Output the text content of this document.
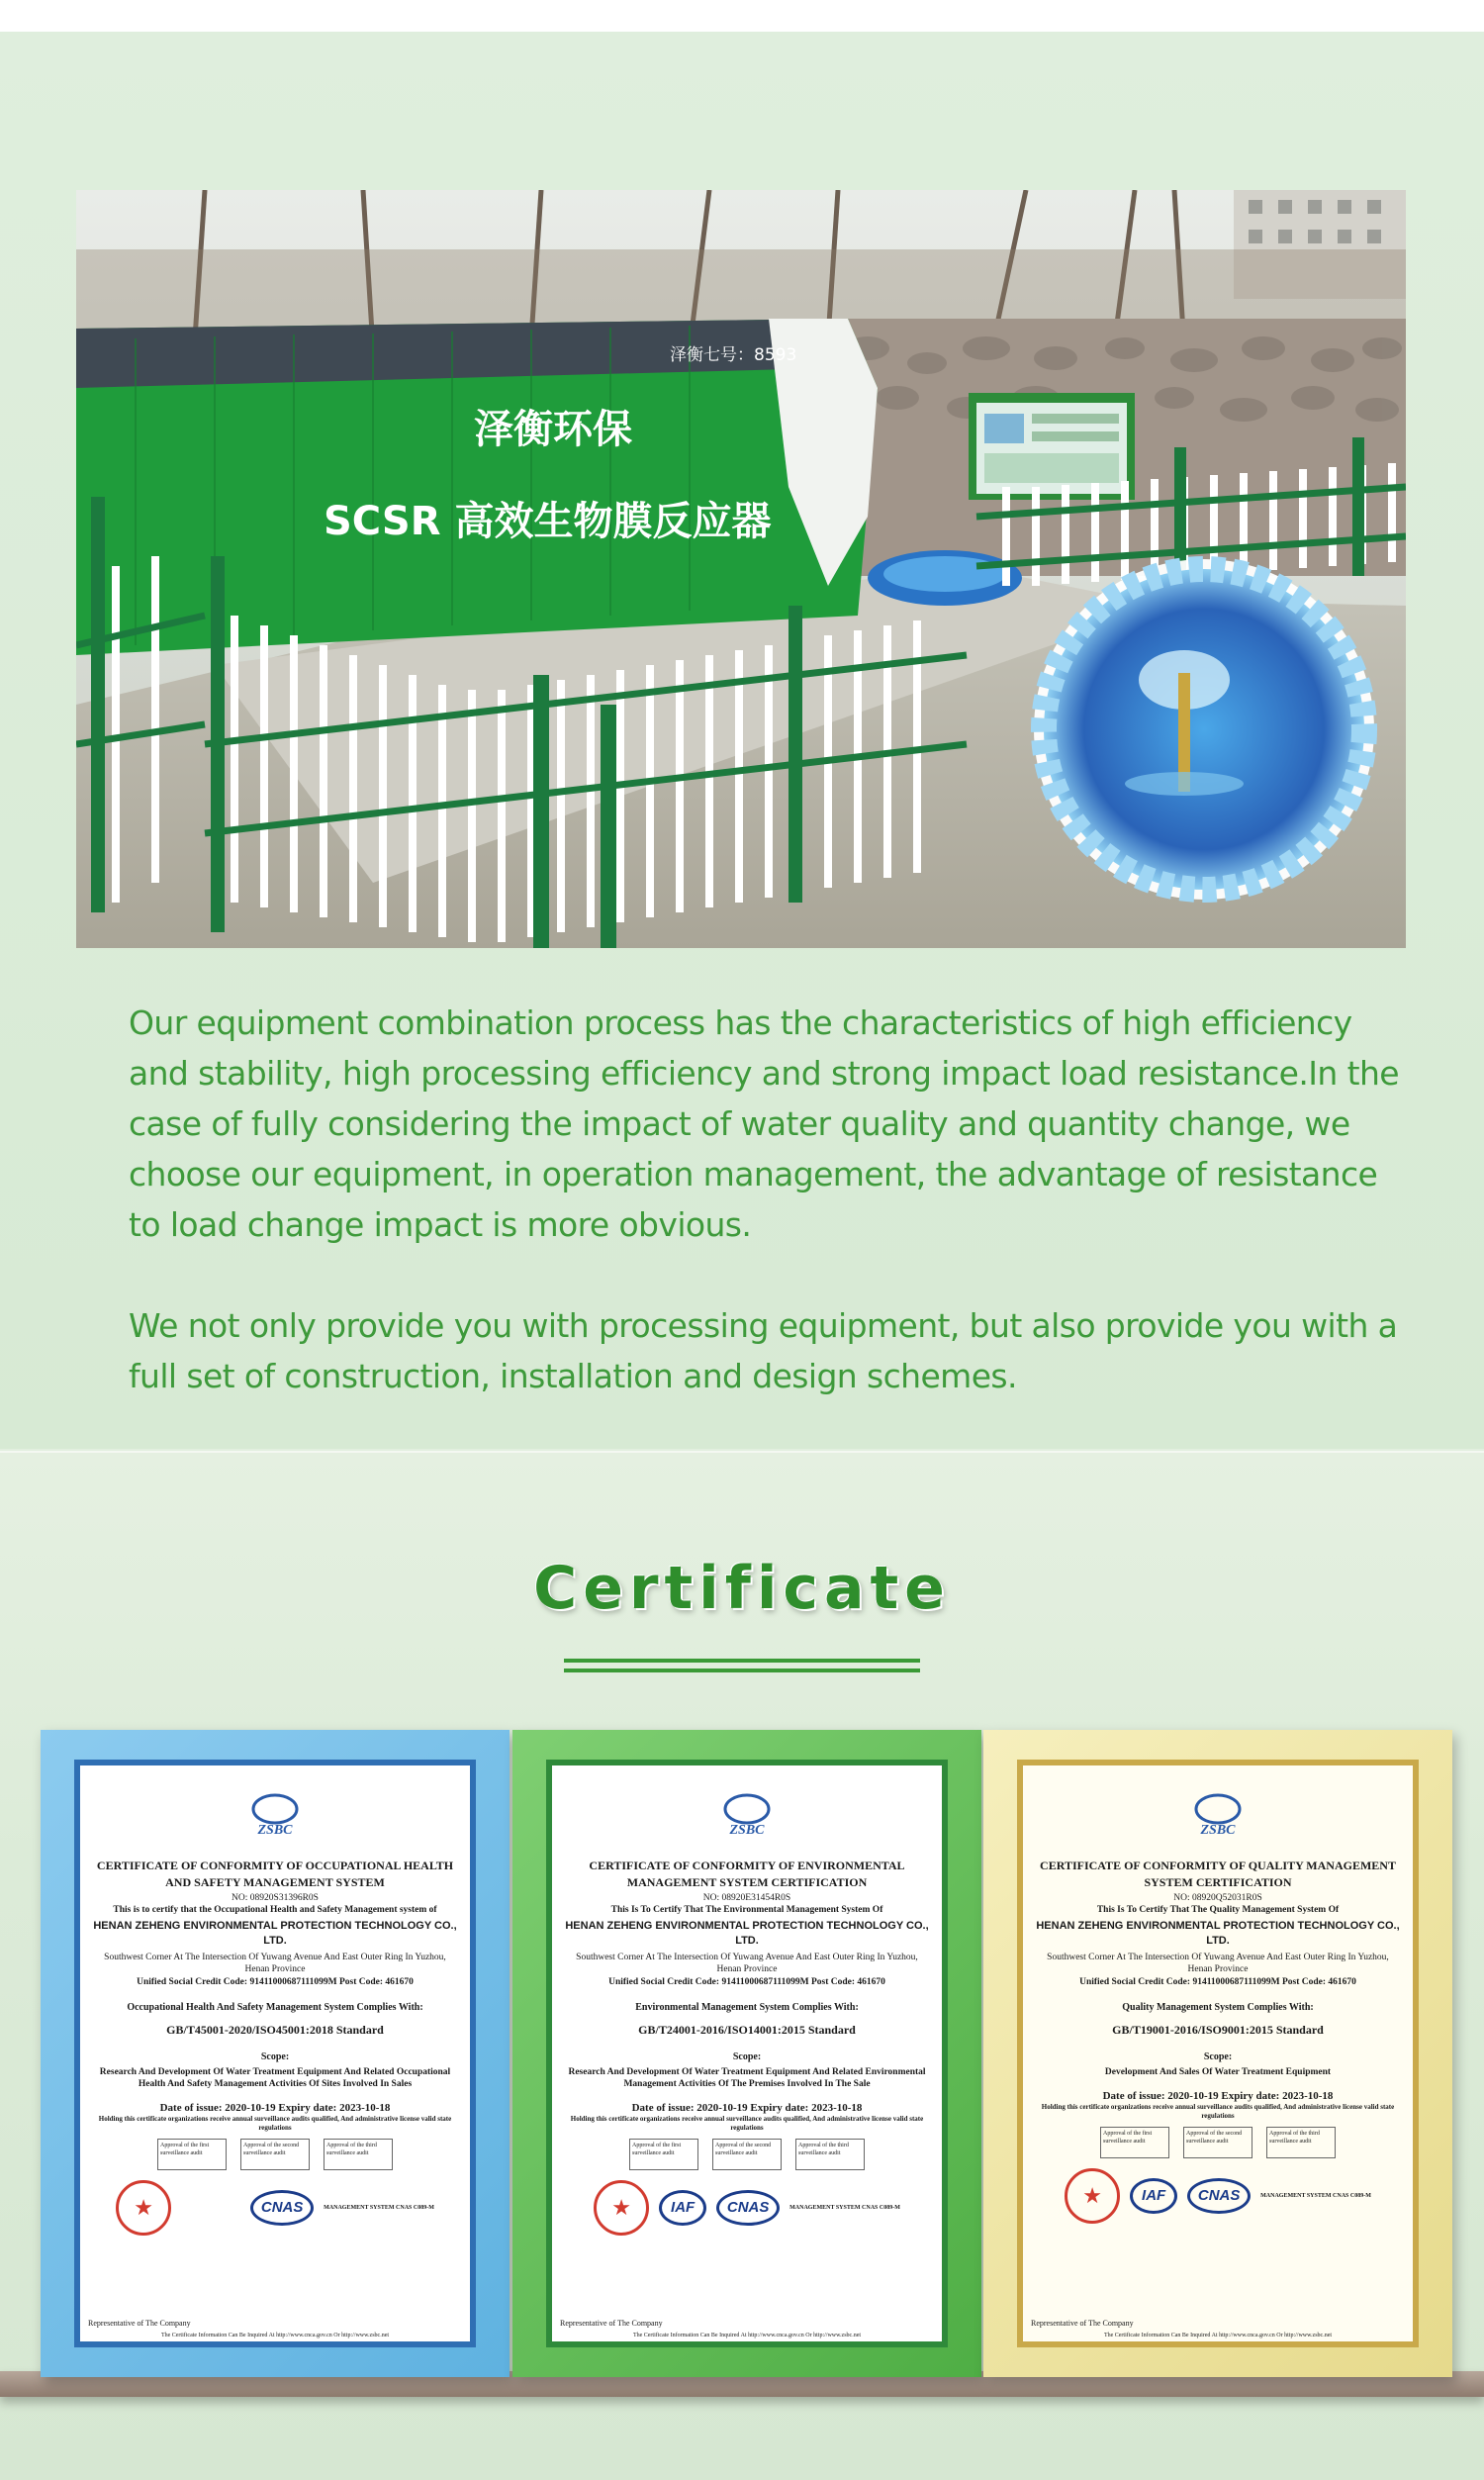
泽衡环保
SCSR 高效生物膜反应器
泽衡七号：8593

Our equipment combination process has the characteristics of high efficiency and stability, high processing efficiency and strong impact load resistance.In the case of fully considering the impact of water quality and quantity change, we choose our equipment, in operation management, the advantage of resistance to load change impact is more obvious.

We not only provide you with processing equipment, but also provide you with a full set of construction, installation and design schemes.

Certificate
ZSBC
CERTIFICATE OF CONFORMITY OF OCCUPATIONAL HEALTH AND SAFETY MANAGEMENT SYSTEM
NO: 08920S31396R0S
This is to certify that the Occupational Health and Safety Management system of
HENAN ZEHENG ENVIRONMENTAL PROTECTION TECHNOLOGY CO., LTD.
Southwest Corner At The Intersection Of Yuwang Avenue And East Outer Ring In Yuzhou, Henan Province
Unified Social Credit Code: 91411000687111099M Post Code: 461670
Occupational Health And Safety Management System Complies With:
GB/T45001-2020/ISO45001:2018 Standard
Scope:
Research And Development Of Water Treatment Equipment And Related Occupational Health And Safety Management Activities Of Sites Involved In Sales
Date of issue: 2020-10-19 Expiry date: 2023-10-18
Holding this certificate organizations receive annual surveillance audits qualified, And administrative license valid state regulations
Approval of the first surveillance audit
Approval of the second surveillance audit
Approval of the third surveillance audit
★	CNAS	MANAGEMENT SYSTEM CNAS C089-M
Representative of The Company
The Certificate Information Can Be Inquired At http://www.cnca.gov.cn Or http://www.zsbc.net
ZSBC
CERTIFICATE OF CONFORMITY OF ENVIRONMENTAL MANAGEMENT SYSTEM CERTIFICATION
NO: 08920E31454R0S
This Is To Certify That The Environmental Management System Of
HENAN ZEHENG ENVIRONMENTAL PROTECTION TECHNOLOGY CO., LTD.
Southwest Corner At The Intersection Of Yuwang Avenue And East Outer Ring In Yuzhou, Henan Province
Unified Social Credit Code: 91411000687111099M Post Code: 461670
Environmental Management System Complies With:
GB/T24001-2016/ISO14001:2015 Standard
Scope:
Research And Development Of Water Treatment Equipment And Related Environmental Management Activities Of The Premises Involved In The Sale
Date of issue: 2020-10-19 Expiry date: 2023-10-18
Holding this certificate organizations receive annual surveillance audits qualified, And administrative license valid state regulations
Approval of the first surveillance audit
Approval of the second surveillance audit
Approval of the third surveillance audit
★	IAF	CNAS	MANAGEMENT SYSTEM CNAS C089-M
Representative of The Company
The Certificate Information Can Be Inquired At http://www.cnca.gov.cn Or http://www.zsbc.net
ZSBC
CERTIFICATE OF CONFORMITY OF QUALITY MANAGEMENT SYSTEM CERTIFICATION
NO: 08920Q52031R0S
This Is To Certify That The Quality Management System Of
HENAN ZEHENG ENVIRONMENTAL PROTECTION TECHNOLOGY CO., LTD.
Southwest Corner At The Intersection Of Yuwang Avenue And East Outer Ring In Yuzhou, Henan Province
Unified Social Credit Code: 91411000687111099M Post Code: 461670
Quality Management System Complies With:
GB/T19001-2016/ISO9001:2015 Standard
Scope:
Development And Sales Of Water Treatment Equipment
Date of issue: 2020-10-19 Expiry date: 2023-10-18
Holding this certificate organizations receive annual surveillance audits qualified, And administrative license valid state regulations
Approval of the first surveillance audit
Approval of the second surveillance audit
Approval of the third surveillance audit
★	IAF	CNAS	MANAGEMENT SYSTEM CNAS C089-M
Representative of The Company
The Certificate Information Can Be Inquired At http://www.cnca.gov.cn Or http://www.zsbc.net
